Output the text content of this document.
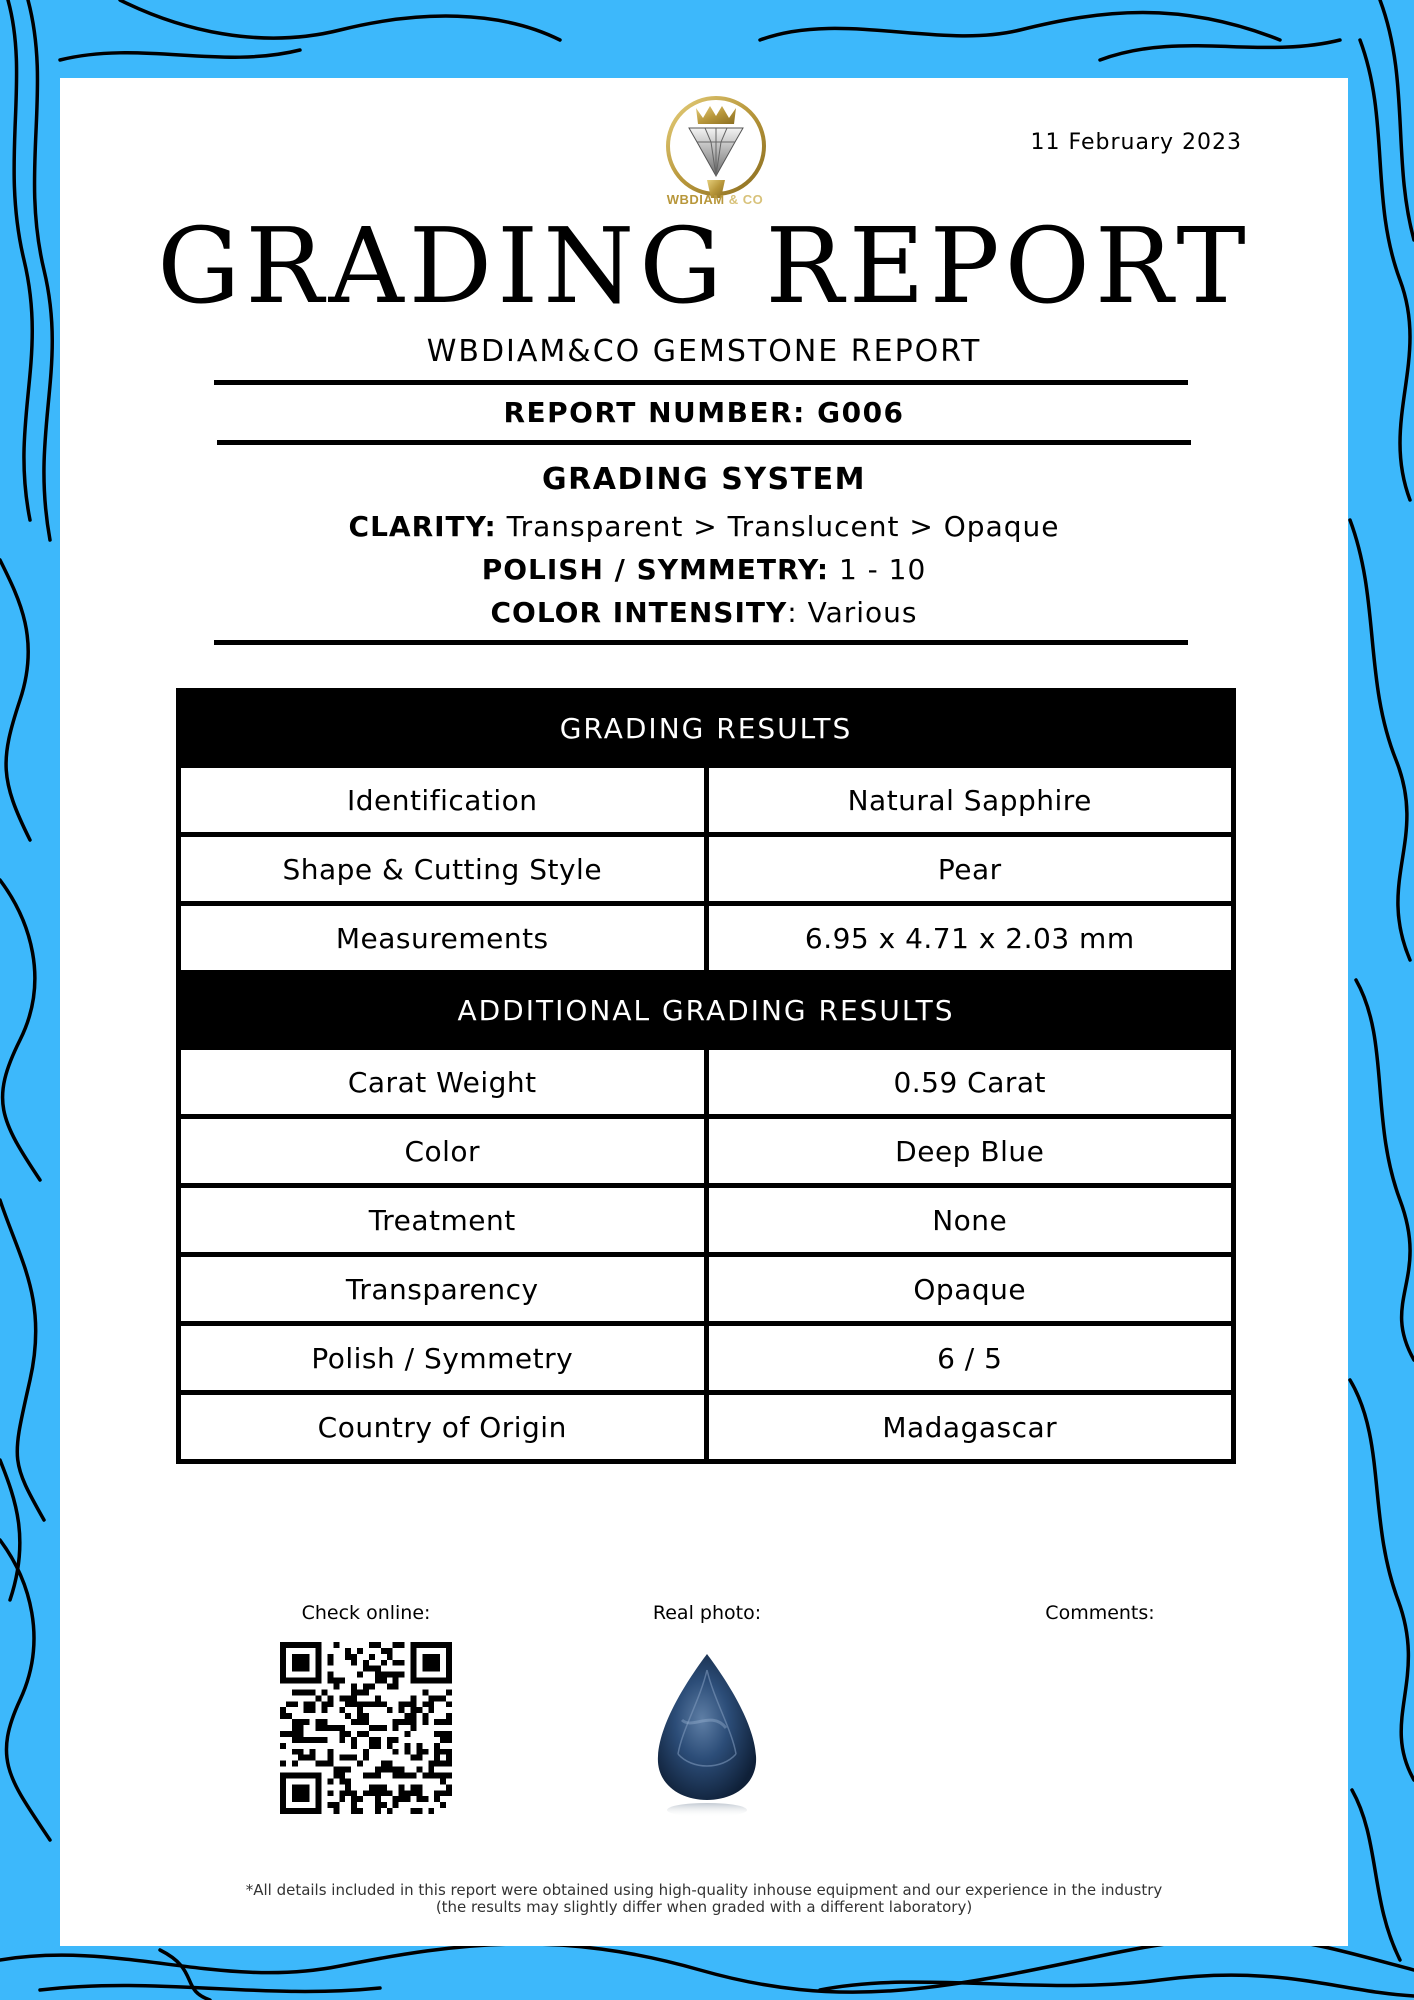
WBDIAM & CO
11 February 2023
GRADING REPORT
WBDIAM&CO GEMSTONE REPORT
REPORT NUMBER: G006
GRADING SYSTEM
CLARITY: Transparent > Translucent > Opaque
POLISH / SYMMETRY: 1 - 10
COLOR INTENSITY: Various
GRADING RESULTS	
Identification	Natural Sapphire
Shape & Cutting Style	Pear
Measurements	6.95 x 4.71 x 2.03 mm
ADDITIONAL GRADING RESULTS	
Carat Weight	0.59 Carat
Color	Deep Blue
Treatment	None
Transparency	Opaque
Polish / Symmetry	6 / 5
Country of Origin	Madagascar
Check online:	Real photo:	Comments:
*All details included in this report were obtained using high-quality inhouse equipment and our experience in the industry
(the results may slightly differ when graded with a different laboratory)
